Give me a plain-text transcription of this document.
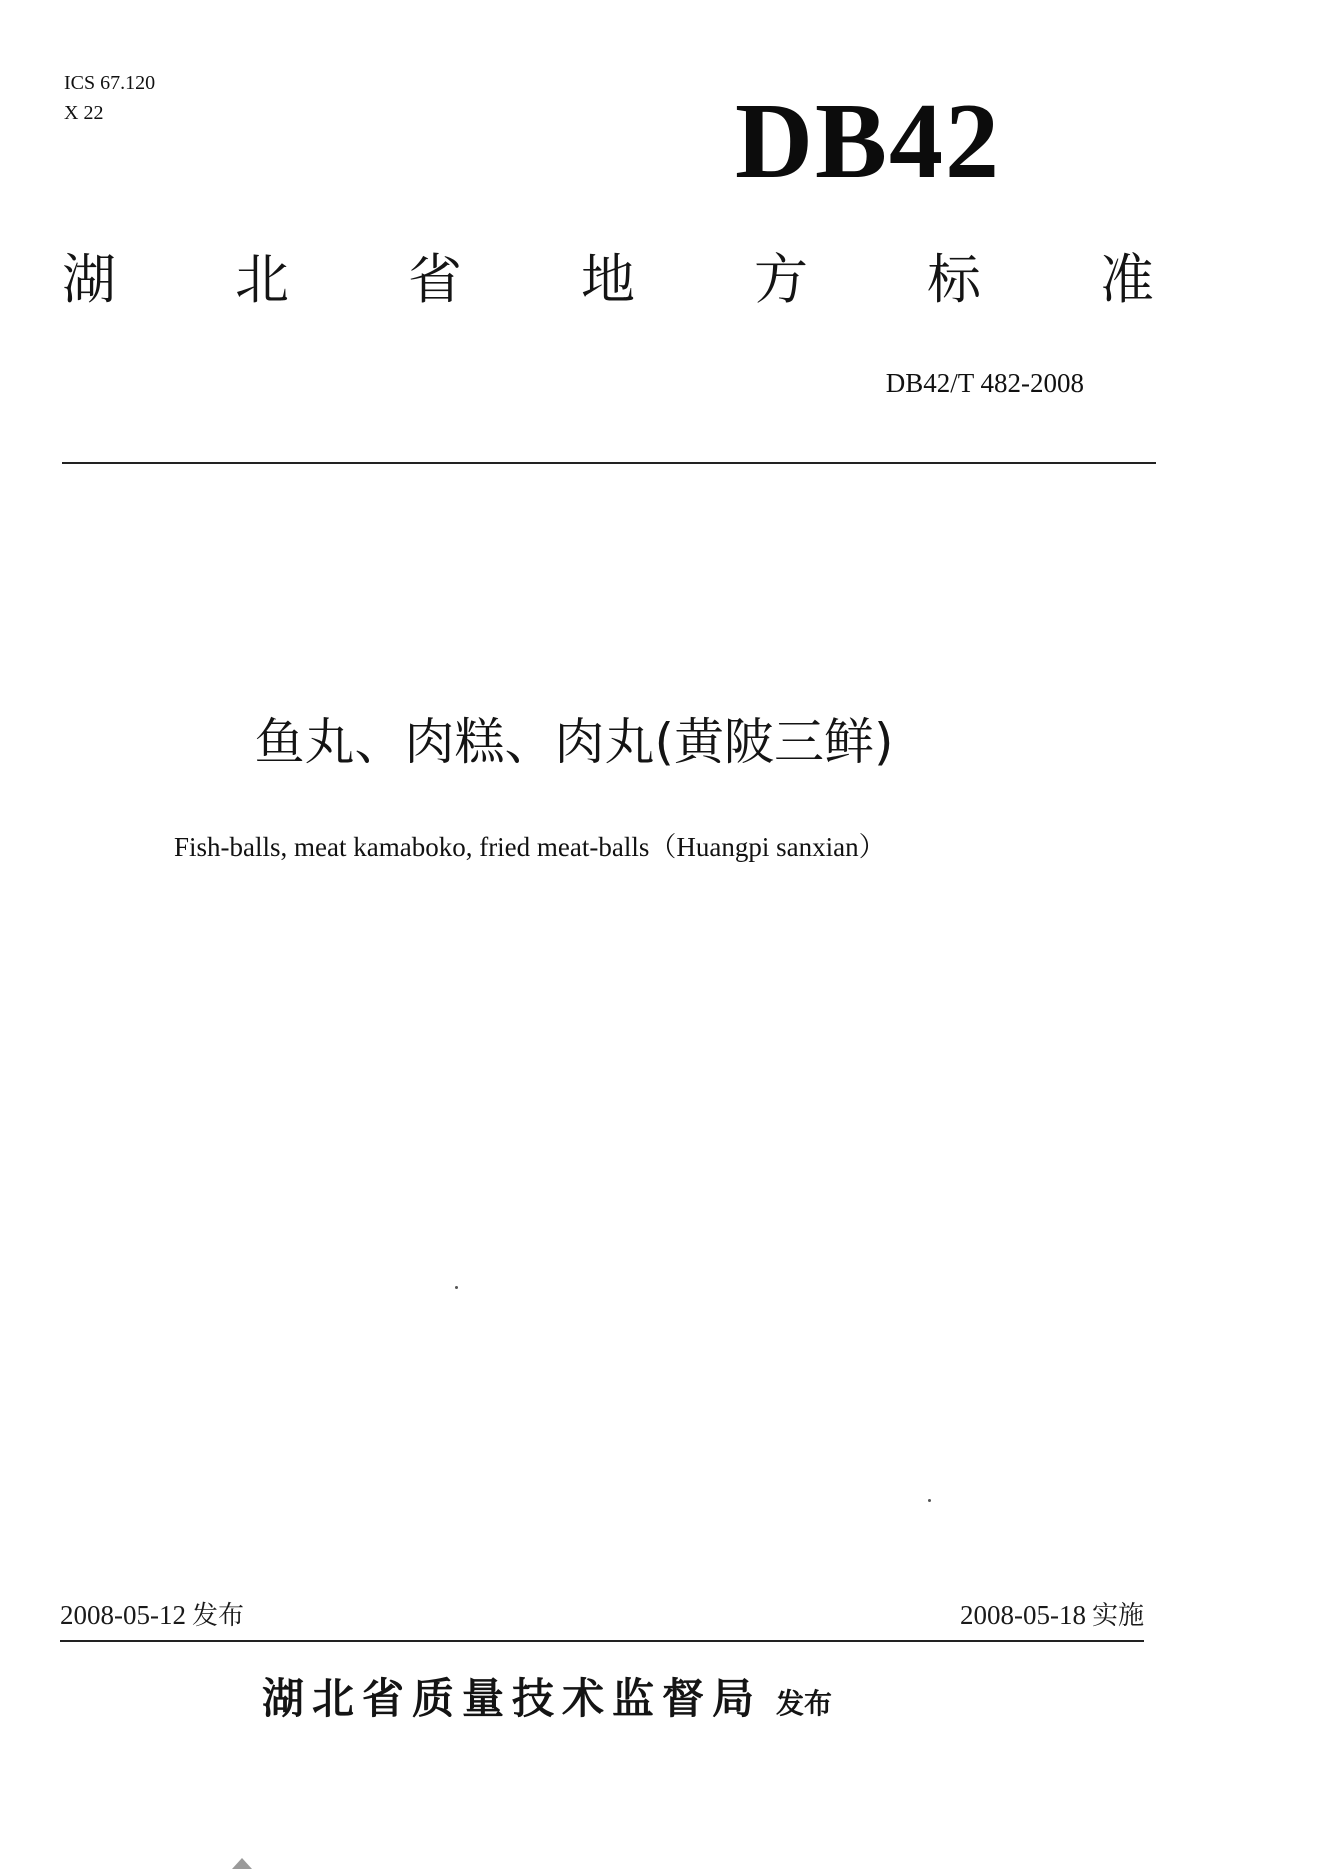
ICS 67.120
X 22	DB42
湖 北 省 地 方 标 准
DB42/T 482-2008
鱼丸、肉糕、肉丸(黄陂三鲜)
Fish-balls, meat kamaboko, fried meat-balls（Huangpi sanxian）
2008-05-12 发布	2008-05-18 实施
湖北省质量技术监督局 发布
